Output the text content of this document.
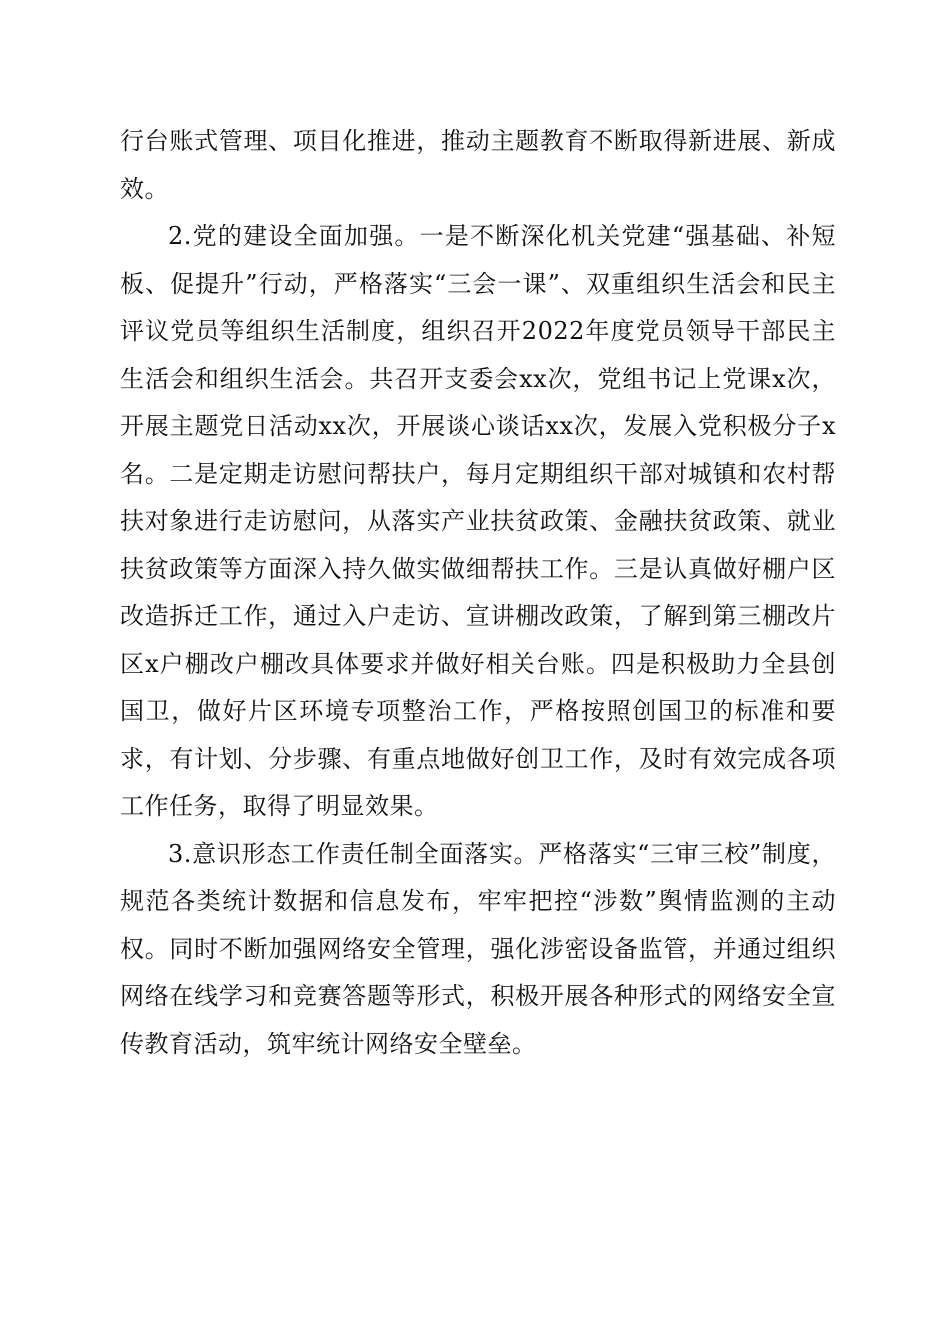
行台账式管理、项目化推进，推动主题教育不断取得新进展、新成效。

2.党的建设全面加强。一是不断深化机关党建“强基础、补短板、促提升”行动，严格落实“三会一课”、双重组织生活会和民主评议党员等组织生活制度，组织召开2022年度党员领导干部民主生活会和组织生活会。共召开支委会xx次，党组书记上党课x次，开展主题党日活动xx次，开展谈心谈话xx次，发展入党积极分子x名。二是定期走访慰问帮扶户，每月定期组织干部对城镇和农村帮扶对象进行走访慰问，从落实产业扶贫政策、金融扶贫政策、就业扶贫政策等方面深入持久做实做细帮扶工作。三是认真做好棚户区改造拆迁工作，通过入户走访、宣讲棚改政策，了解到第三棚改片区x户棚改户棚改具体要求并做好相关台账。四是积极助力全县创国卫，做好片区环境专项整治工作，严格按照创国卫的标准和要求，有计划、分步骤、有重点地做好创卫工作，及时有效完成各项工作任务，取得了明显效果。

3.意识形态工作责任制全面落实。严格落实“三审三校”制度，规范各类统计数据和信息发布，牢牢把控“涉数”舆情监测的主动权。同时不断加强网络安全管理，强化涉密设备监管，并通过组织网络在线学习和竞赛答题等形式，积极开展各种形式的网络安全宣传教育活动，筑牢统计网络安全壁垒。
